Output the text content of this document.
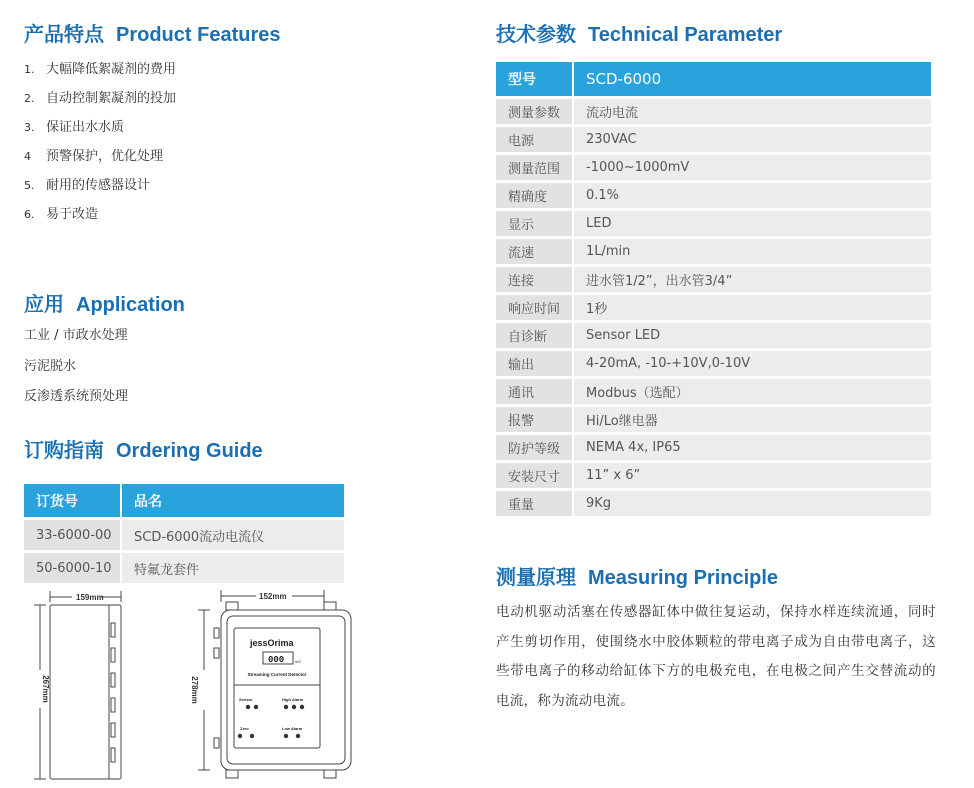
产品特点 Product Features
1. 大幅降低絮凝剂的费用
2. 自动控制絮凝剂的投加
3. 保证出水水质
4 预警保护，优化处理
5. 耐用的传感器设计
6. 易于改造
应用 Application
工业 / 市政水处理
污泥脱水
反渗透系统预处理
订购指南 Ordering Guide
订货号	品名
33-6000-00	SCD-6000流动电流仪
50-6000-10	特氟龙套件
159mm
267mm
152mm
278mm
jessOrima
000	mV
Streaming Current Detector
Sensor	High Alarm
Zero	Low Alarm
技术参数 Technical Parameter
型号	SCD-6000
测量参数	流动电流
电源	230VAC
测量范围	-1000~1000mV
精确度	0.1%
显示	LED
流速	1L/min
连接	进水管1/2”，出水管3/4”
响应时间	1秒
自诊断	Sensor LED
输出	4-20mA, -10-+10V,0-10V
通讯	Modbus（选配）
报警	Hi/Lo继电器
防护等级	NEMA 4x, IP65
安装尺寸	11” x 6”
重量	9Kg
测量原理 Measuring Principle

电动机驱动活塞在传感器缸体中做往复运动，保持水样连续流通，同时产生剪切作用，使围绕水中胶体颗粒的带电离子成为自由带电离子，这些带电离子的移动给缸体下方的电极充电，在电极之间产生交替流动的电流，称为流动电流。
